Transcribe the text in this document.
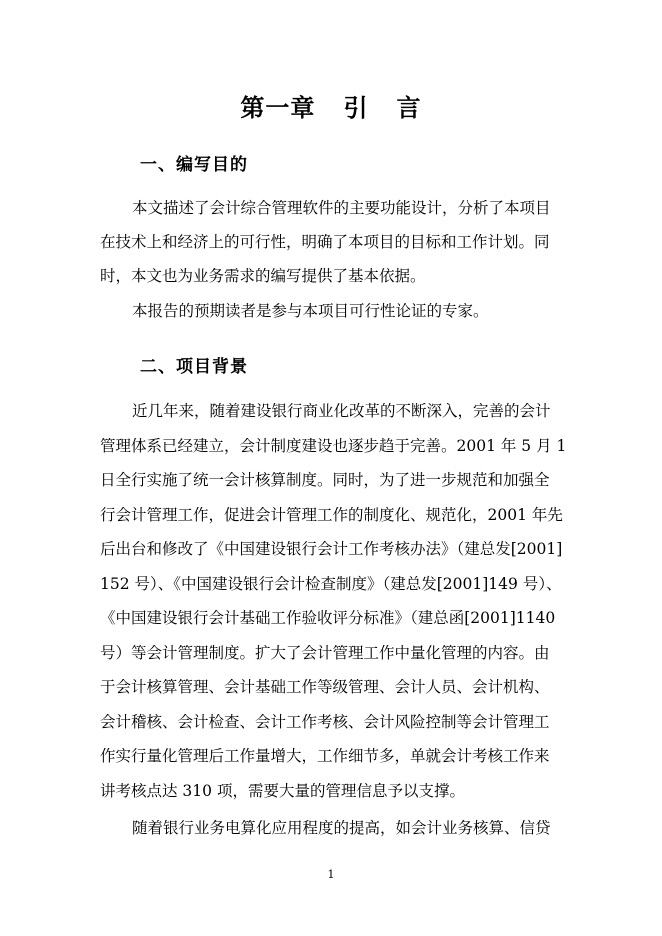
第一章   引   言
一、编写目的

本文描述了会计综合管理软件的主要功能设计，分析了本项目

在技术上和经济上的可行性，明确了本项目的目标和工作计划。同

时，本文也为业务需求的编写提供了基本依据。

本报告的预期读者是参与本项目可行性论证的专家。

二、项目背景

近几年来，随着建设银行商业化改革的不断深入，完善的会计

管理体系已经建立，会计制度建设也逐步趋于完善。2001 年 5 月 1

日全行实施了统一会计核算制度。同时，为了进一步规范和加强全

行会计管理工作，促进会计管理工作的制度化、规范化，2001 年先

后出台和修改了《中国建设银行会计工作考核办法》（建总发[2001]

152 号）、《中国建设银行会计检查制度》（建总发[2001]149 号）、

《中国建设银行会计基础工作验收评分标准》（建总函[2001]1140

号）等会计管理制度。扩大了会计管理工作中量化管理的内容。由

于会计核算管理、会计基础工作等级管理、会计人员、会计机构、

会计稽核、会计检查、会计工作考核、会计风险控制等会计管理工

作实行量化管理后工作量增大，工作细节多，单就会计考核工作来

讲考核点达 310 项，需要大量的管理信息予以支撑。

随着银行业务电算化应用程度的提高，如会计业务核算、信贷

1
